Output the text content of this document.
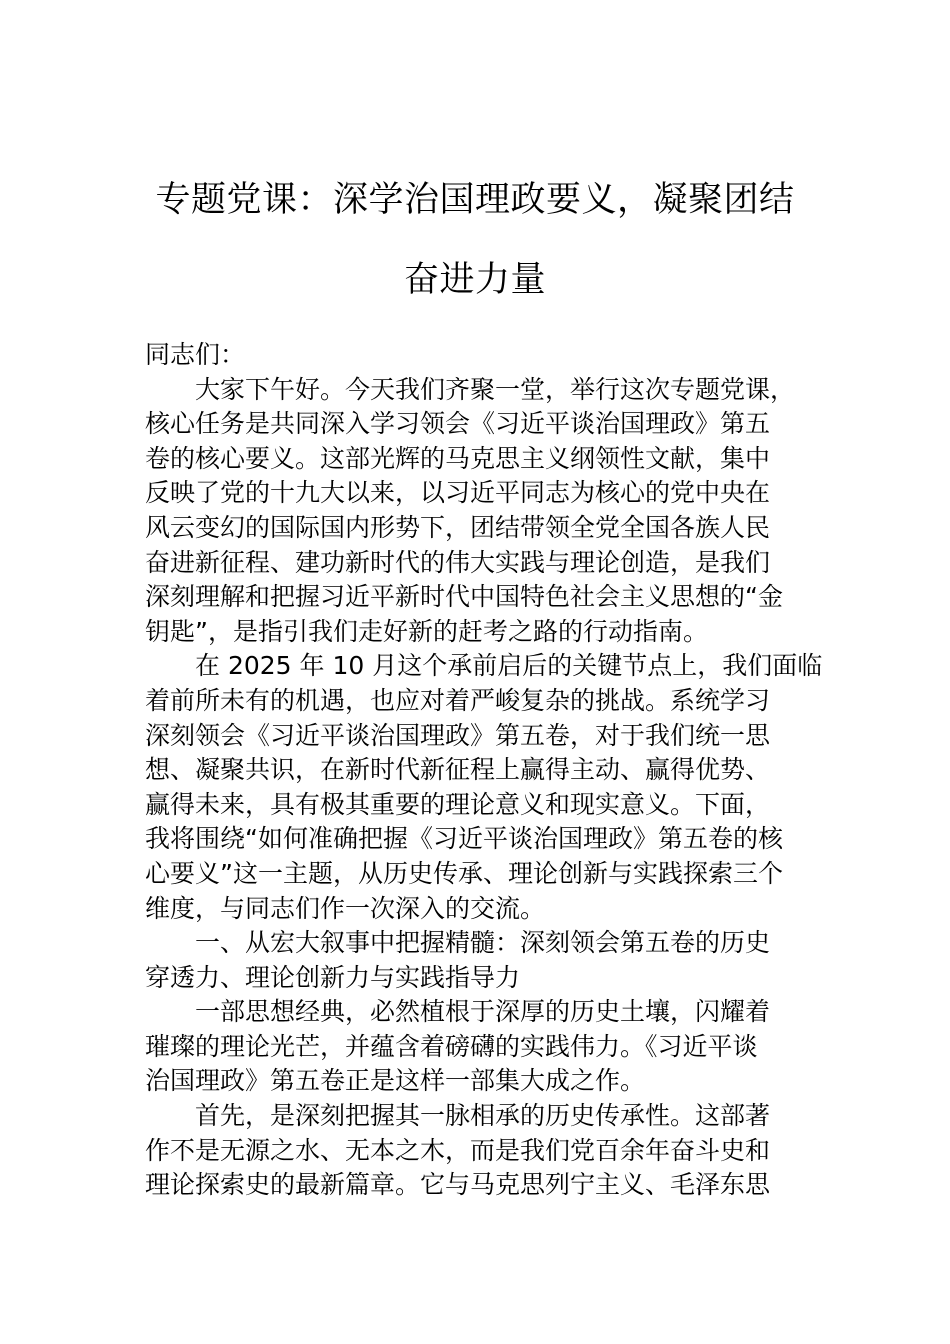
专题党课：深学治国理政要义，凝聚团结
奋进力量
同志们：
大家下午好。今天我们齐聚一堂，举行这次专题党课，
核心任务是共同深入学习领会《习近平谈治国理政》第五
卷的核心要义。这部光辉的马克思主义纲领性文献，集中
反映了党的十九大以来，以习近平同志为核心的党中央在
风云变幻的国际国内形势下，团结带领全党全国各族人民
奋进新征程、建功新时代的伟大实践与理论创造，是我们
深刻理解和把握习近平新时代中国特色社会主义思想的“金
钥匙”，是指引我们走好新的赶考之路的行动指南。
在 2025 年 10 月这个承前启后的关键节点上，我们面临
着前所未有的机遇，也应对着严峻复杂的挑战。系统学习
深刻领会《习近平谈治国理政》第五卷，对于我们统一思
想、凝聚共识，在新时代新征程上赢得主动、赢得优势、
赢得未来，具有极其重要的理论意义和现实意义。下面，
我将围绕“如何准确把握《习近平谈治国理政》第五卷的核
心要义”这一主题，从历史传承、理论创新与实践探索三个
维度，与同志们作一次深入的交流。
一、从宏大叙事中把握精髓：深刻领会第五卷的历史
穿透力、理论创新力与实践指导力
一部思想经典，必然植根于深厚的历史土壤，闪耀着
璀璨的理论光芒，并蕴含着磅礴的实践伟力。《习近平谈
治国理政》第五卷正是这样一部集大成之作。
首先，是深刻把握其一脉相承的历史传承性。这部著
作不是无源之水、无本之木，而是我们党百余年奋斗史和
理论探索史的最新篇章。它与马克思列宁主义、毛泽东思
